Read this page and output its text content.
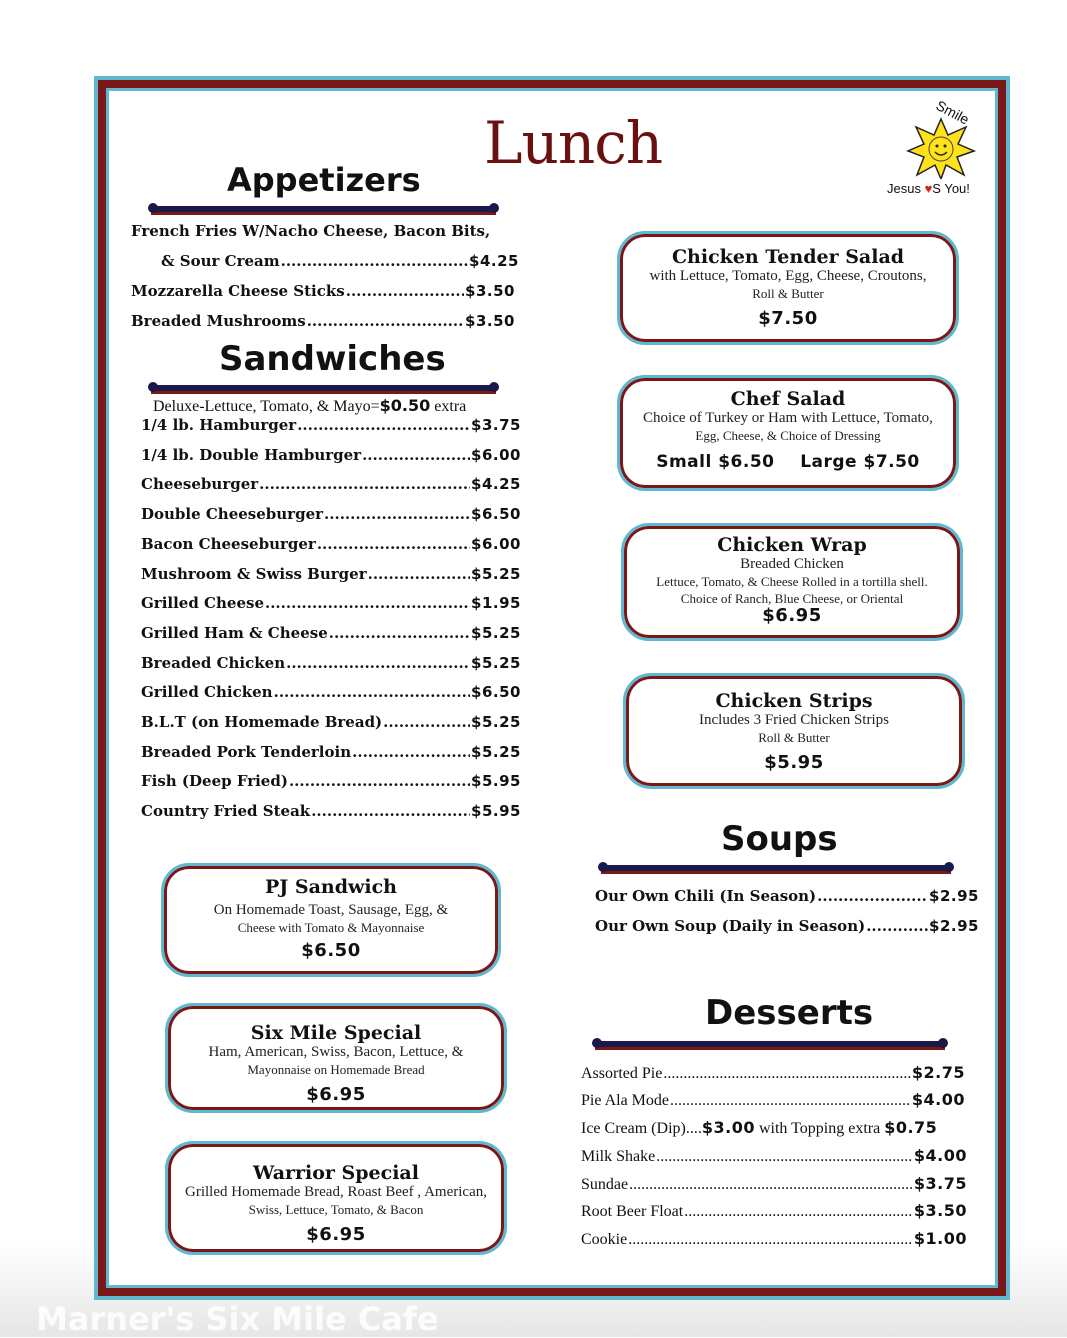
Lunch	Smile
Jesus ♥S You!
Appetizers
French Fries W/Nacho Cheese, Bacon Bits,
& Sour Cream .....	$4.25
Mozzarella Cheese Sticks .....	$3.50
Breaded Mushrooms .....	$3.50
Sandwiches
Deluxe-Lettuce, Tomato, & Mayo=$0.50 extra
1/4 lb. Hamburger .....	$3.75
1/4 lb. Double Hamburger .....	$6.00
Cheeseburger .....	$4.25
Double Cheeseburger .....	$6.50
Bacon Cheeseburger .....	$6.00
Mushroom & Swiss Burger .....	$5.25
Grilled Cheese .....	$1.95
Grilled Ham & Cheese .....	$5.25
Breaded Chicken .....	$5.25
Grilled Chicken .....	$6.50
B.L.T (on Homemade Bread) .....	$5.25
Breaded Pork Tenderloin .....	$5.25
Fish (Deep Fried) .....	$5.95
Country Fried Steak .....	$5.95
PJ Sandwich
On Homemade Toast, Sausage, Egg, &
Cheese with Tomato & Mayonnaise
$6.50
Six Mile Special
Ham, American, Swiss, Bacon, Lettuce, &
Mayonnaise on Homemade Bread
$6.95
Warrior Special
Grilled Homemade Bread, Roast Beef , American,
Swiss, Lettuce, Tomato, & Bacon
$6.95
Chicken Tender Salad
with Lettuce, Tomato, Egg, Cheese, Croutons,
Roll & Butter
$7.50
Chef Salad
Choice of Turkey or Ham with Lettuce, Tomato,
Egg, Cheese, & Choice of Dressing
Small $6.50 Large $7.50
Chicken Wrap
Breaded Chicken
Lettuce, Tomato, & Cheese Rolled in a tortilla shell.
Choice of Ranch, Blue Cheese, or Oriental
$6.95
Chicken Strips
Includes 3 Fried Chicken Strips
Roll & Butter
$5.95
Soups
Our Own Chili (In Season) .....	$2.95
Our Own Soup (Daily in Season) .....	$2.95
Desserts
Assorted Pie .....	$2.75
Pie Ala Mode .....	$4.00
Ice Cream (Dip)....$3.00 with Topping extra $0.75
Milk Shake .....	$4.00
Sundae .....	$3.75
Root Beer Float .....	$3.50
Cookie .....	$1.00
Marner's Six Mile Cafe
